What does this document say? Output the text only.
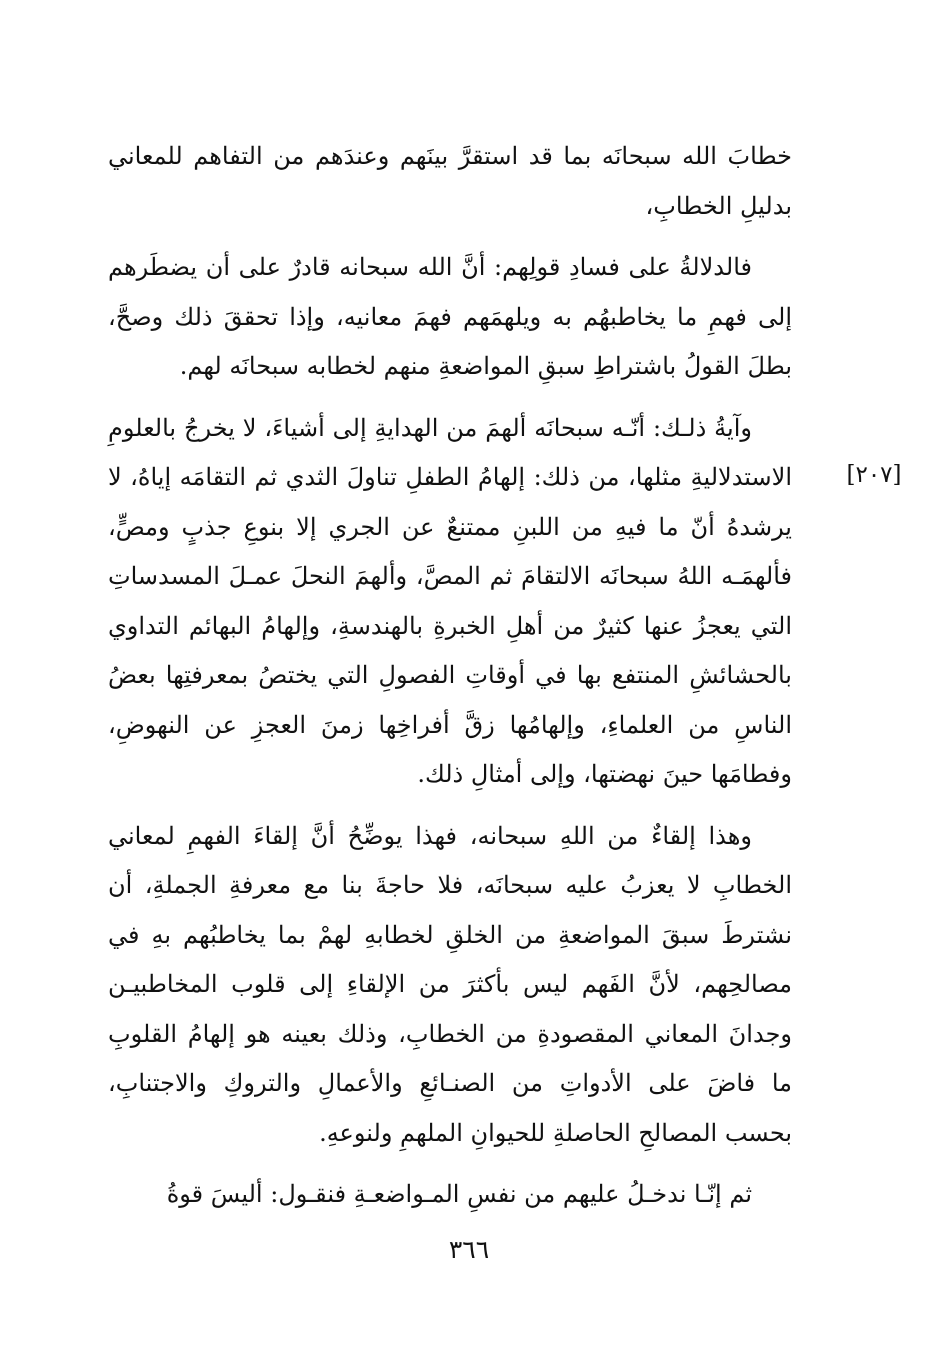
خطابَ الله سبحانَه بما قد استقرَّ بينَهم وعندَهم من التفاهم للمعاني بدليلِ الخطابِ،

فالدلالةُ على فسادِ قولِهم: أنَّ الله سبحانه قادرٌ على أن يضطَرهم إلى فهمِ ما يخاطبهُم به ويلهمَهم فهمَ معانيه، وإذا تحققَ ذلك وصحَّ، بطلَ القولُ باشتراطِ سبقِ المواضعةِ منهم لخطابه سبحانَه لهم.

وآيةُ ذلـك: أنّـه سبحانَه ألهمَ من الهدايةِ إلى أشياءَ، لا يخرجُ بالعلومِ الاستدلاليةِ مثلها، من ذلك: إلهامُ الطفلِ تناولَ الثدي ثم التقامَه إياهُ، لا يرشدهُ أنّ ما فيهِ من اللبنِ ممتنعٌ عن الجري إلا بنوعِ جذبٍ ومصٍّ، فألهمَـه اللهُ سبحانَه الالتقامَ ثم المصَّ، وألهمَ النحلَ عمـلَ المسدساتِ التي يعجزُ عنها كثيرٌ من أهلِ الخبرةِ بالهندسةِ، وإلهامُ البهائم التداوي بالحشائشِ المنتفع بها في أوقاتِ الفصولِ التي يختصُ بمعرفتِها بعضُ الناسِ من العلماءِ، وإلهامُها زقَّ أفراخِها زمنَ العجزِ عن النهوضِ، وفطامَها حينَ نهضتها، وإلى أمثالِ ذلك.

وهذا إلقاءٌ من اللهِ سبحانه، فهذا يوضِّحُ أنَّ إلقاءَ الفهمِ لمعاني الخطابِ لا يعزبُ عليه سبحانَه، فلا حاجةَ بنا مع معرفةِ الجملةِ، أن نشترطَ سبقَ المواضعةِ من الخلقِ لخطابهِ لهمْ بما يخاطبُهم بهِ في مصالحِهم، لأنَّ الفَهم ليس بأكثرَ من الإلقاءِ إلى قلوب المخاطبيـن وجدانَ المعاني المقصودةِ من الخطابِ، وذلك بعينه هو إلهامُ القلوبِ ما فاضَ على الأدواتِ من الصنـائعِ والأعمالِ والتروكِ والاجتنابِ، بحسب المصالحِ الحاصلةِ للحيوانِ الملهمِ ولنوعهِ.

ثم إنّـا ندخـلُ عليهم من نفسِ المـواضعـةِ فنقـول: أليسَ قوةُ

[٢٠٧]
٣٦٦
